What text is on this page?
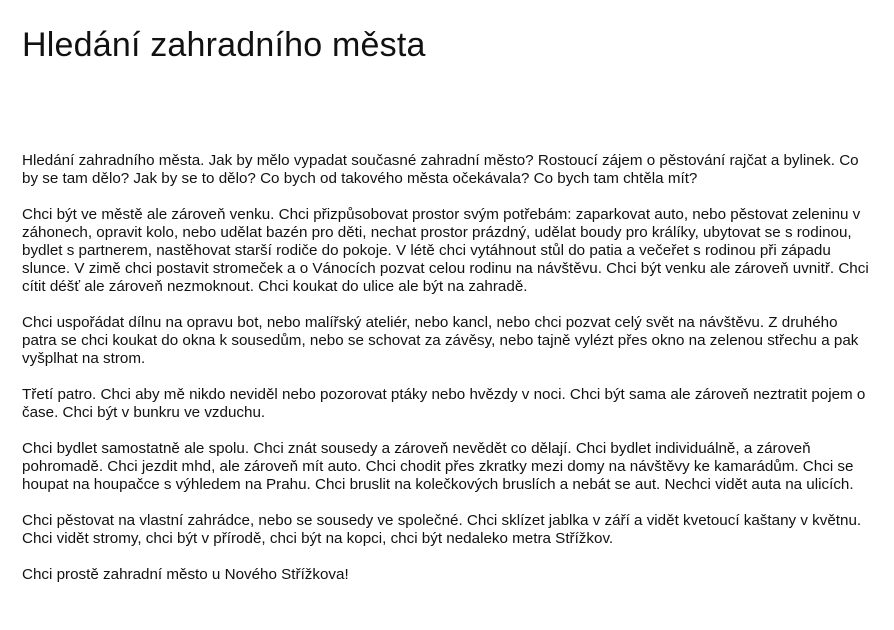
Hledání zahradního města

Hledání zahradního města. Jak by mělo vypadat současné zahradní město? Rostoucí zájem o pěstování rajčat a bylinek. Co by se tam dělo? Jak by se to dělo? Co bych od takového města očekávala? Co bych tam chtěla mít?

Chci být ve městě ale zároveň venku. Chci přizpůsobovat prostor svým potřebám: zaparkovat auto, nebo pěstovat zeleninu v záhonech, opravit kolo, nebo udělat bazén pro děti, nechat prostor prázdný, udělat boudy pro králíky, ubytovat se s rodinou, bydlet s partnerem, nastěhovat starší rodiče do pokoje. V létě chci vytáhnout stůl do patia a večeřet s rodinou při západu slunce. V zimě chci postavit stromeček a o Vánocích pozvat celou rodinu na návštěvu. Chci být venku ale zároveň uvnitř. Chci cítit déšť ale zároveň nezmoknout. Chci koukat do ulice ale být na zahradě.

Chci uspořádat dílnu na opravu bot, nebo malířský ateliér, nebo kancl, nebo chci pozvat celý svět na návštěvu. Z druhého patra se chci koukat do okna k sousedům, nebo se schovat za závěsy, nebo tajně vylézt přes okno na zelenou střechu a pak vyšplhat na strom.

Třetí patro. Chci aby mě nikdo neviděl nebo pozorovat ptáky nebo hvězdy v noci. Chci být sama ale zároveň neztratit pojem o čase. Chci být v bunkru ve vzduchu.

Chci bydlet samostatně ale spolu. Chci znát sousedy a zároveň nevědět co dělají. Chci bydlet individuálně, a zároveň pohromadě. Chci jezdit mhd, ale zároveň mít auto. Chci chodit přes zkratky mezi domy na návštěvy ke kamarádům. Chci se houpat na houpačce s výhledem na Prahu. Chci bruslit na kolečkových bruslích a nebát se aut. Nechci vidět auta na ulicích.

Chci pěstovat na vlastní zahrádce, nebo se sousedy ve společné. Chci sklízet jablka v září a vidět kvetoucí kaštany v květnu. Chci vidět stromy, chci být v přírodě, chci být na kopci, chci být nedaleko metra Střížkov.

Chci prostě zahradní město u Nového Střížkova!
